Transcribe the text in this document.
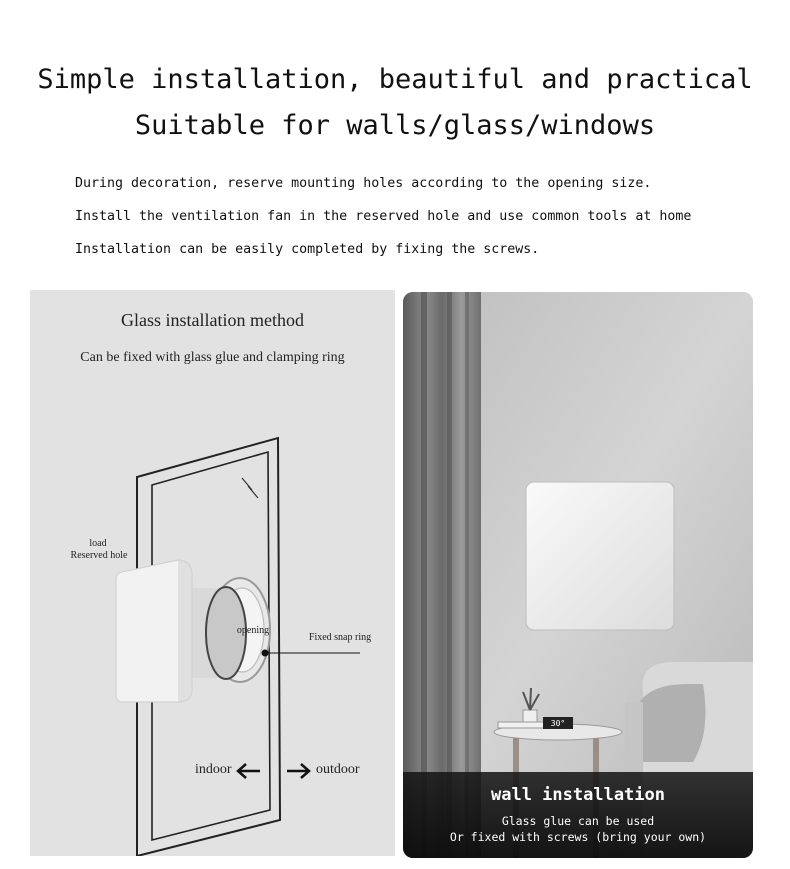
Simple installation, beautiful and practical
Suitable for walls/glass/windows
During decoration, reserve mounting holes according to the opening size.
Install the ventilation fan in the reserved hole and use common tools at home
Installation can be easily completed by fixing the screws.
Glass installation method
Can be fixed with glass glue and clamping ring
load
Reserved hole
opening
Fixed snap ring
indoor	outdoor
30°
wall installation
Glass glue can be used
Or fixed with screws (bring your own)
